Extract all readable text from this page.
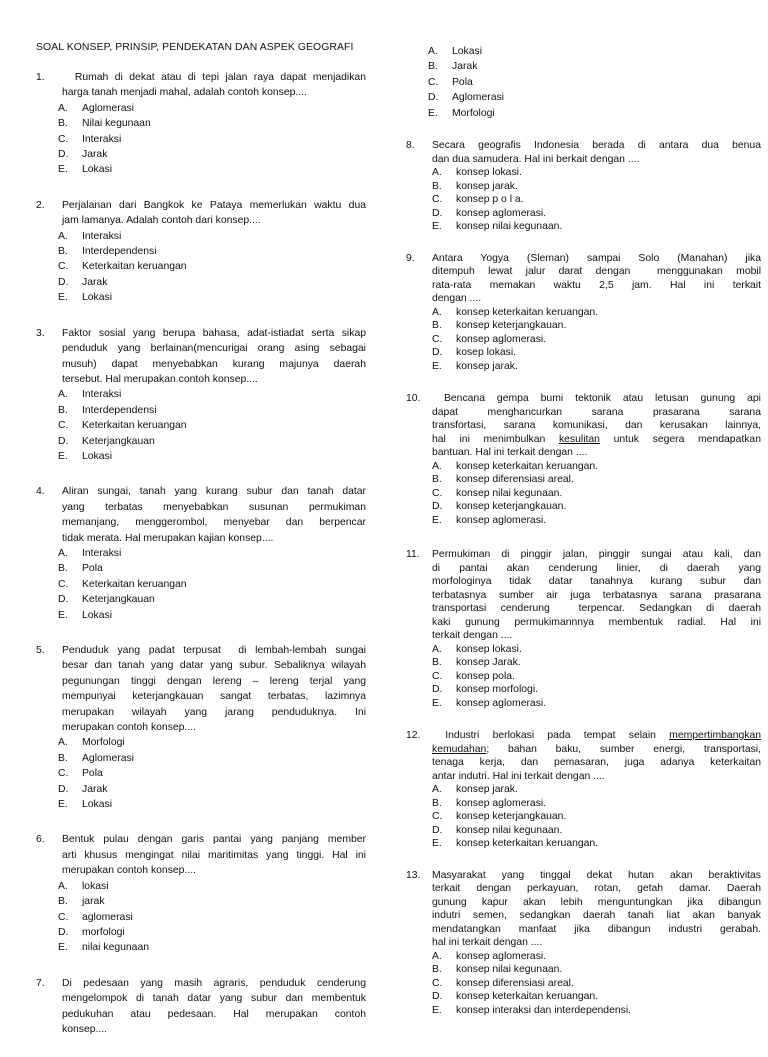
SOAL KONSEP, PRINSIP, PENDEKATAN DAN ASPEK GEOGRAFI
1.	Rumah di dekat atau di tepi jalan raya dapat menjadikan
harga tanah menjadi mahal, adalah contoh konsep....
A.	Aglomerasi
B.	Nilai kegunaan
C.	Interaksi
D.	Jarak
E.	Lokasi
2.	Perjalanan dari Bangkok ke Pataya memerlukan waktu dua
jam lamanya. Adalah contoh dari konsep....
A.	Interaksi
B.	Interdependensi
C.	Keterkaitan keruangan
D.	Jarak
E.	Lokasi
3.	Faktor sosial yang berupa bahasa, adat-istiadat serta sikap
penduduk yang berlainan(mencurigai orang asing sebagai
musuh) dapat menyebabkan kurang majunya daerah
tersebut. Hal merupakan contoh konsep....
A.	Interaksi
B.	Interdependensi
C.	Keterkaitan keruangan
D.	Keterjangkauan
E.	Lokasi
4.	Aliran sungai, tanah yang kurang subur dan tanah datar
yang terbatas menyebabkan susunan permukiman
memanjang, menggerombol, menyebar dan berpencar
tidak merata. Hal merupakan kajian konsep....
A.	Interaksi
B.	Pola
C.	Keterkaitan keruangan
D.	Keterjangkauan
E.	Lokasi
5.	Penduduk yang padat terpusat  di lembah-lembah sungai
besar dan tanah yang datar yang subur. Sebaliknya wilayah
pegunungan tinggi dengan lereng – lereng terjal yang
mempunyai keterjangkauan sangat terbatas, lazimnya
merupakan wilayah yang jarang penduduknya. Ini
merupakan contoh konsep....
A.	Morfologi
B.	Aglomerasi
C.	Pola
D.	Jarak
E.	Lokasi
6.	Bentuk pulau dengan garis pantai yang panjang member
arti khusus mengingat nilai maritimitas yang tinggi. Hal ini
merupakan contoh konsep....
A.	lokasi
B.	jarak
C.	aglomerasi
D.	morfologi
E.	nilai kegunaan
7.	Di pedesaan yang masih agraris, penduduk cenderung
mengelompok di tanah datar yang subur dan membentuk
pedukuhan atau pedesaan. Hal merupakan contoh
konsep....
A.	Lokasi
B.	Jarak
C.	Pola
D.	Aglomerasi
E.	Morfologi
8.	Secara geografis Indonesia berada di antara dua benua
dan dua samudera. Hal ini berkait dengan ....
A.	konsep lokasi.
B.	konsep jarak.
C.	konsep p o l a.
D.	konsep aglomerasi.
E.	konsep nilai kegunaan.
9.	Antara Yogya (Sleman) sampai Solo (Manahan) jika
ditempuh lewat jalur darat dengan  menggunakan mobil
rata-rata memakan waktu 2,5 jam. Hal ini terkait
dengan ....
A.	konsep keterkaitan keruangan.
B.	konsep keterjangkauan.
C.	konsep aglomerasi.
D.	kosep lokasi.
E.	konsep jarak.
10.	Bencana gempa bumi tektonik atau letusan gunung api
dapat menghancurkan sarana prasarana sarana
transfortasi, sarana komunikasi, dan kerusakan lainnya,
hal ini menimbulkan kesulitan untuk segera mendapatkan
bantuan. Hal ini terkait dengan ....
A.	konsep keterkaitan keruangan.
B.	konsep diferensiasi areal.
C.	konsep nilai kegunaan.
D.	konsep keterjangkauan.
E.	konsep aglomerasi.
11.	Permukiman di pinggir jalan, pinggir sungai atau kali, dan
di pantai akan cenderung linier, di daerah yang
morfologinya tidak datar tanahnya kurang subur dan
terbatasnya sumber air juga terbatasnya sarana prasarana
transportasi cenderung  terpencar. Sedangkan di daerah
kaki gunung permukimannnya membentuk radial. Hal ini
terkait dengan ....
A.	konsep lokasi.
B.	konsep Jarak.
C.	konsep pola.
D.	konsep morfologi.
E.	konsep aglomerasi.
12.	Industri berlokasi pada tempat selain mempertimbangkan
kemudahan; bahan baku, sumber energi, transportasi,
tenaga kerja, dan pemasaran, juga adanya keterkaitan
antar indutri. Hal ini terkait dengan ....
A.	konsep jarak.
B.	konsep aglomerasi.
C.	konsep keterjangkauan.
D.	konsep nilai kegunaan.
E.	konsep keterkaitan keruangan.
13.	Masyarakat yang tinggal dekat hutan akan beraktivitas
terkait dengan perkayuan, rotan, getah damar. Daerah
gunung kapur akan lebih menguntungkan jika dibangun
indutri semen, sedangkan daerah tanah liat akan banyak
mendatangkan manfaat jika dibangun industri gerabah.
hal ini terkait dengan ....
A.	konsep aglomerasi.
B.	konsep nilai kegunaan.
C.	konsep diferensiasi areal.
D.	konsep keterkaitan keruangan.
E.	konsep interaksi dan interdependensi.
